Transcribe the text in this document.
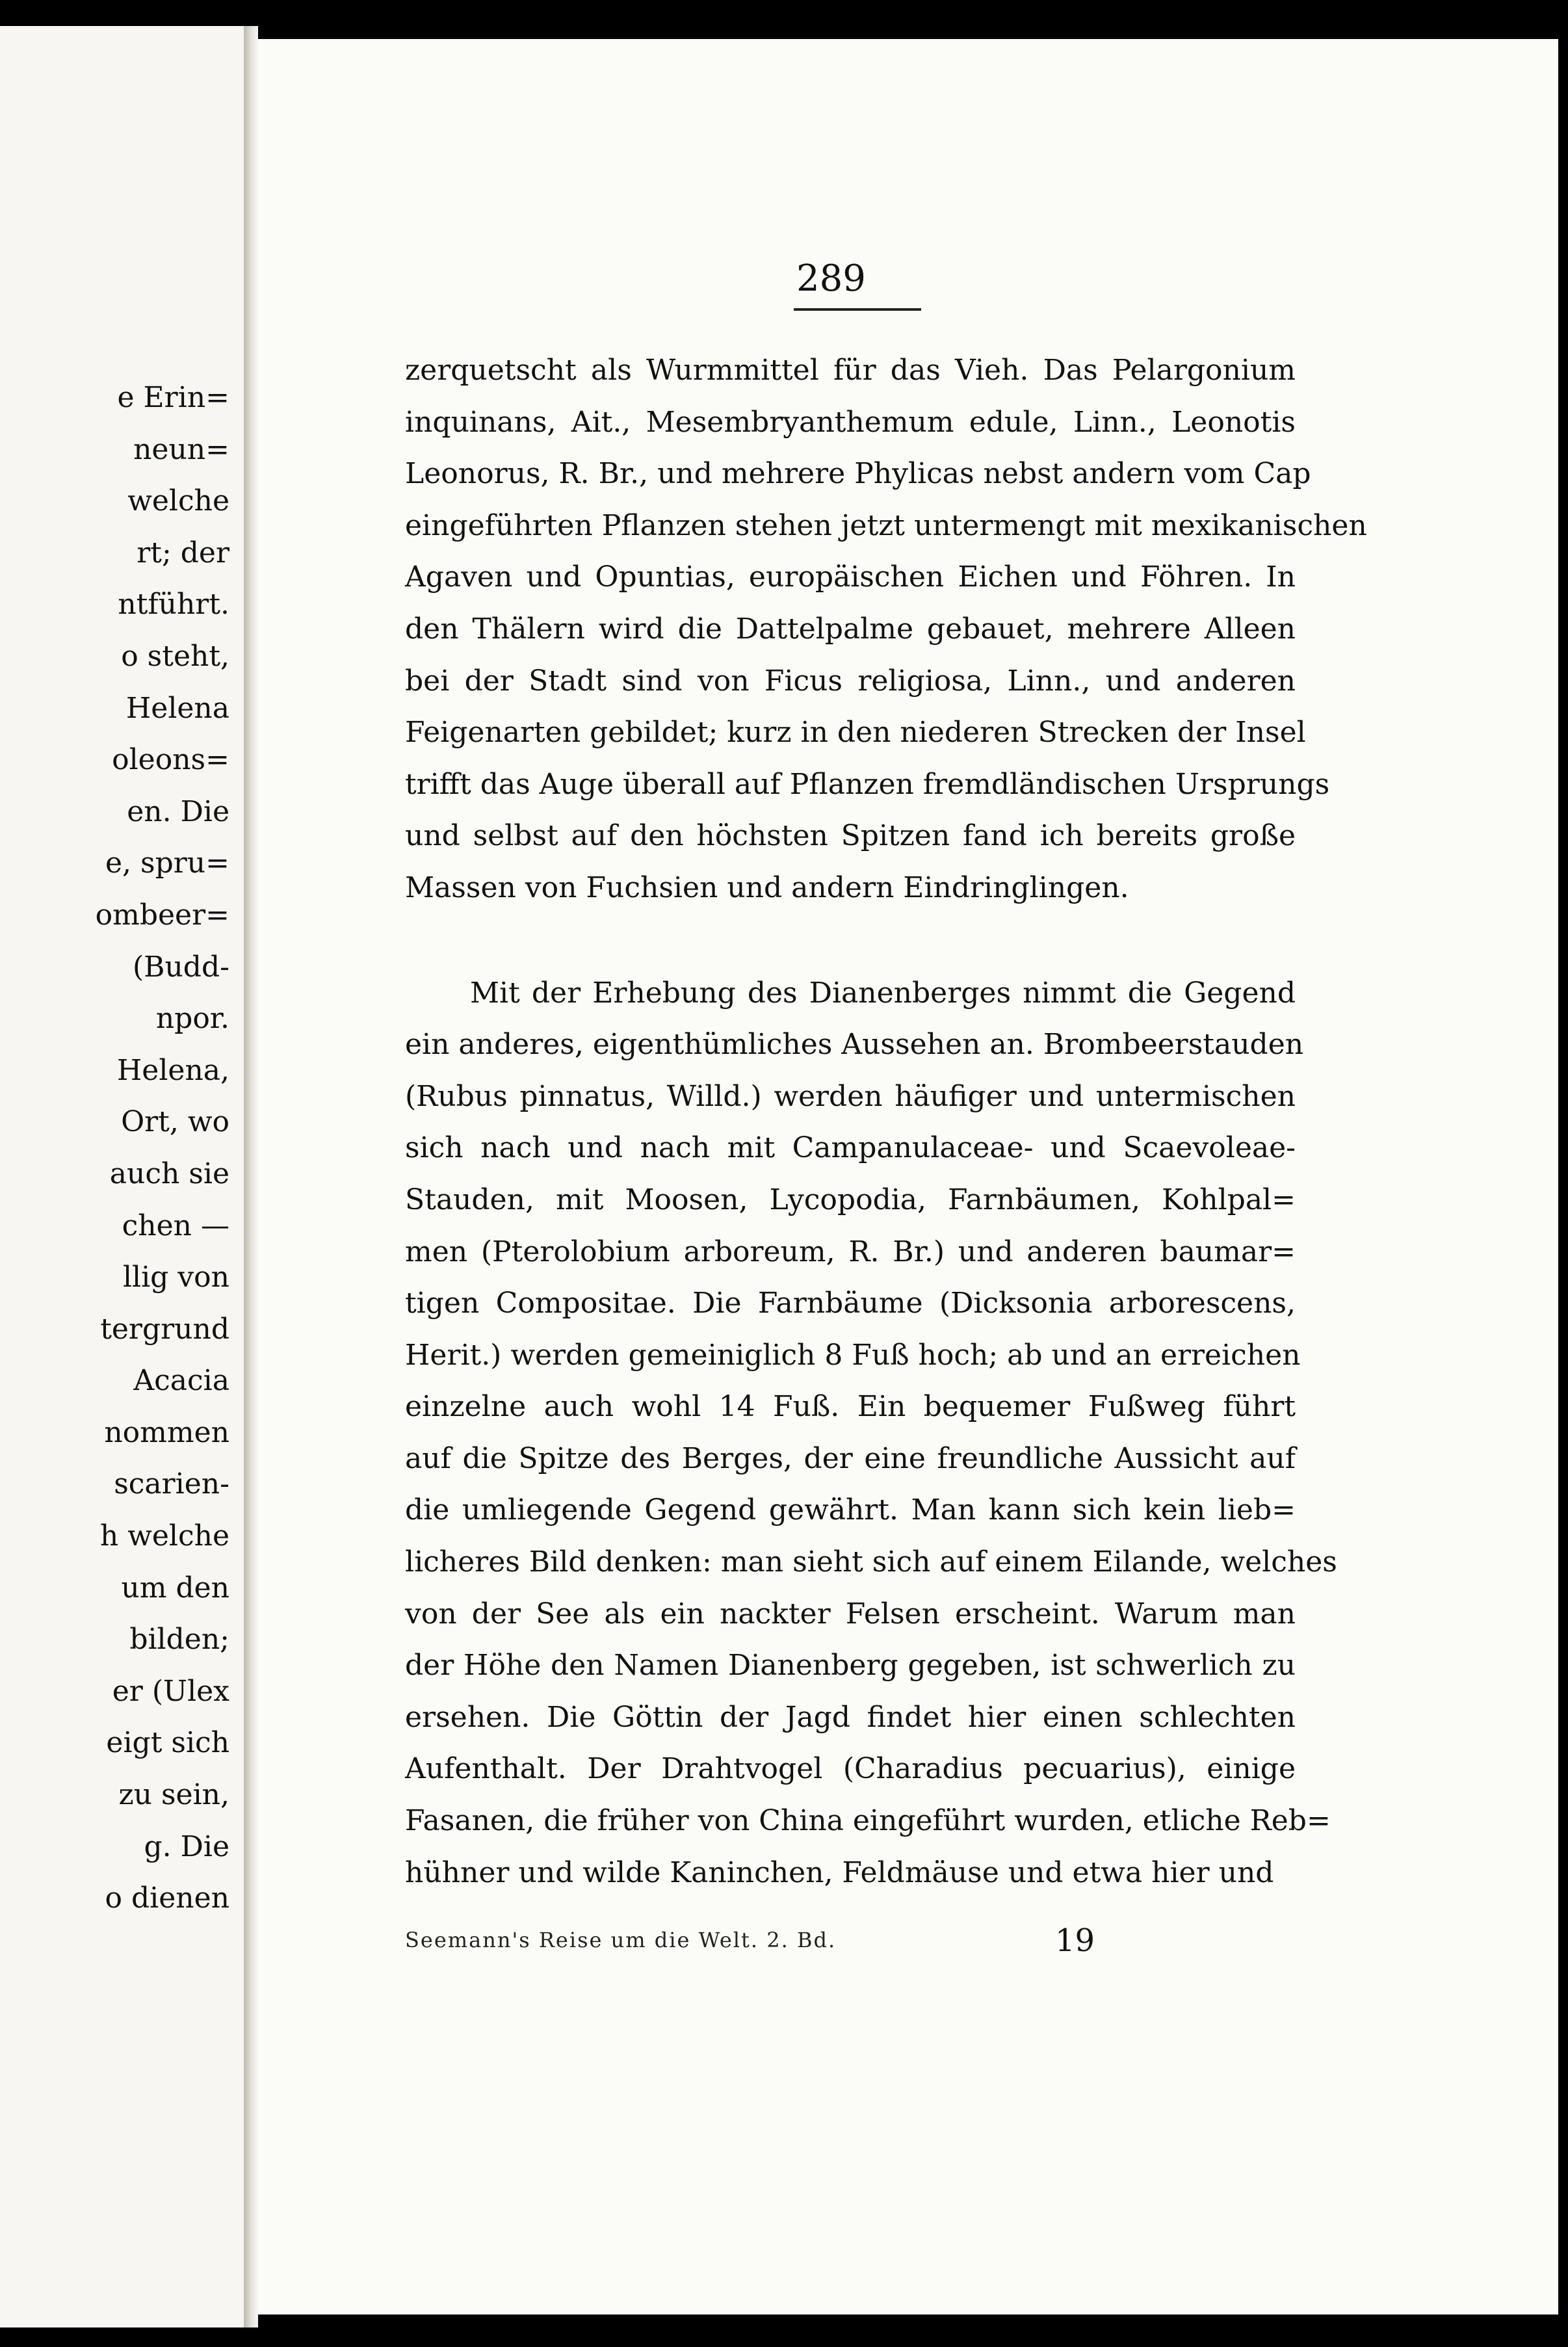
e Erin=
neun=
welche
rt; der
ntführt.
o steht,
Helena
oleons=
en. Die
e, spru=
ombeer=
(Budd-
npor.
Helena,
Ort, wo
auch sie
chen —
llig von
tergrund
Acacia
nommen
scarien-
h welche
um den
bilden;
er (Ulex
eigt sich
zu sein,
g. Die
o dienen
289
zerquetscht als Wurmmittel für das Vieh. Das Pelargonium
inquinans, Ait., Mesembryanthemum edule, Linn., Leonotis
Leonorus, R. Br., und mehrere Phylicas nebst andern vom Cap
eingeführten Pflanzen stehen jetzt untermengt mit mexikanischen
Agaven und Opuntias, europäischen Eichen und Föhren. In
den Thälern wird die Dattelpalme gebauet, mehrere Alleen
bei der Stadt sind von Ficus religiosa, Linn., und anderen
Feigenarten gebildet; kurz in den niederen Strecken der Insel
trifft das Auge überall auf Pflanzen fremdländischen Ursprungs
und selbst auf den höchsten Spitzen fand ich bereits große
Massen von Fuchsien und andern Eindringlingen.
Mit der Erhebung des Dianenberges nimmt die Gegend
ein anderes, eigenthümliches Aussehen an. Brombeerstauden
(Rubus pinnatus, Willd.) werden häufiger und untermischen
sich nach und nach mit Campanulaceae- und Scaevoleae-
Stauden, mit Moosen, Lycopodia, Farnbäumen, Kohlpal=
men (Pterolobium arboreum, R. Br.) und anderen baumar=
tigen Compositae. Die Farnbäume (Dicksonia arborescens,
Herit.) werden gemeiniglich 8 Fuß hoch; ab und an erreichen
einzelne auch wohl 14 Fuß. Ein bequemer Fußweg führt
auf die Spitze des Berges, der eine freundliche Aussicht auf
die umliegende Gegend gewährt. Man kann sich kein lieb=
licheres Bild denken: man sieht sich auf einem Eilande, welches
von der See als ein nackter Felsen erscheint. Warum man
der Höhe den Namen Dianenberg gegeben, ist schwerlich zu
ersehen. Die Göttin der Jagd findet hier einen schlechten
Aufenthalt. Der Drahtvogel (Charadius pecuarius), einige
Fasanen, die früher von China eingeführt wurden, etliche Reb=
hühner und wilde Kaninchen, Feldmäuse und etwa hier und
Seemann's Reise um die Welt. 2. Bd.	19
